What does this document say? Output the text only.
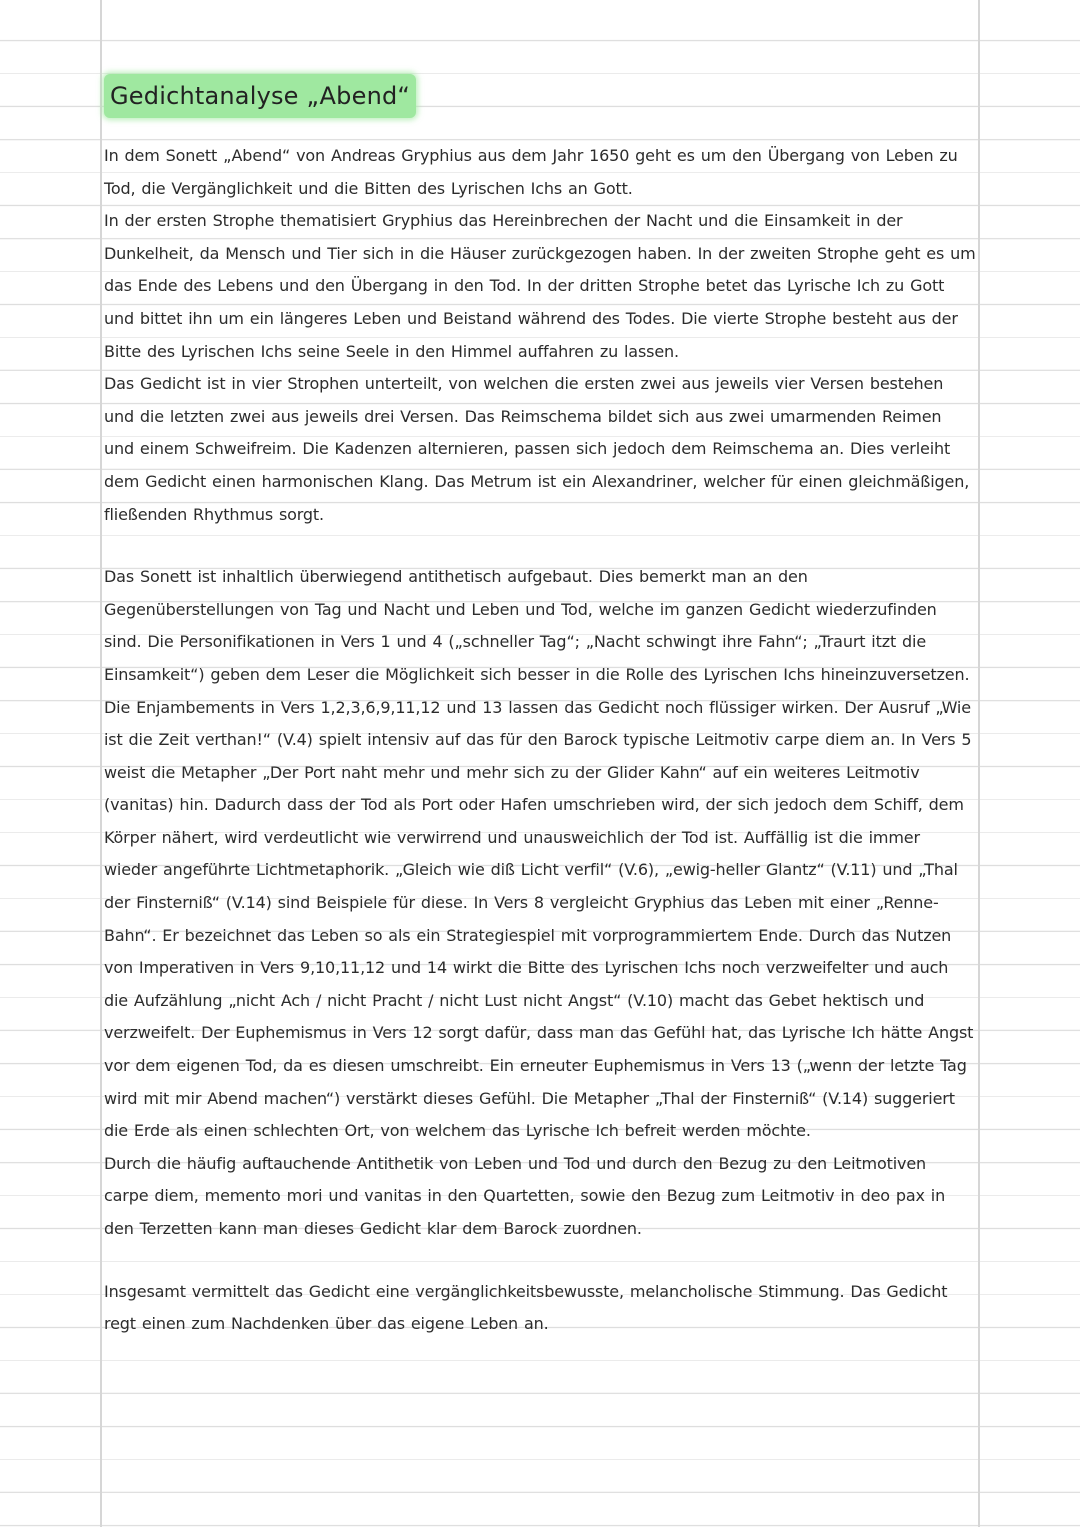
Gedichtanalyse „Abend“

In dem Sonett „Abend“ von Andreas Gryphius aus dem Jahr 1650 geht es um den Übergang von Leben zu Tod, die Vergänglichkeit und die Bitten des Lyrischen Ichs an Gott.

In der ersten Strophe thematisiert Gryphius das Hereinbrechen der Nacht und die Einsamkeit in der Dunkelheit, da Mensch und Tier sich in die Häuser zurückgezogen haben. In der zweiten Strophe geht es um das Ende des Lebens und den Übergang in den Tod. In der dritten Strophe betet das Lyrische Ich zu Gott und bittet ihn um ein längeres Leben und Beistand während des Todes. Die vierte Strophe besteht aus der Bitte des Lyrischen Ichs seine Seele in den Himmel auffahren zu lassen.

Das Gedicht ist in vier Strophen unterteilt, von welchen die ersten zwei aus jeweils vier Versen bestehen und die letzten zwei aus jeweils drei Versen. Das Reimschema bildet sich aus zwei umarmenden Reimen und einem Schweifreim. Die Kadenzen alternieren, passen sich jedoch dem Reimschema an. Dies verleiht dem Gedicht einen harmonischen Klang. Das Metrum ist ein Alexandriner, welcher für einen gleichmäßigen, fließenden Rhythmus sorgt.

Das Sonett ist inhaltlich überwiegend antithetisch aufgebaut. Dies bemerkt man an den Gegenüberstellungen von Tag und Nacht und Leben und Tod, welche im ganzen Gedicht wiederzufinden sind. Die Personifikationen in Vers 1 und 4 („schneller Tag“; „Nacht schwingt ihre Fahn“; „Traurt itzt die Einsamkeit“) geben dem Leser die Möglichkeit sich besser in die Rolle des Lyrischen Ichs hineinzuversetzen. Die Enjambements in Vers 1,2,3,6,9,11,12 und 13 lassen das Gedicht noch flüssiger wirken. Der Ausruf „Wie ist die Zeit verthan!“ (V.4) spielt intensiv auf das für den Barock typische Leitmotiv carpe diem an. In Vers 5 weist die Metapher „Der Port naht mehr und mehr sich zu der Glider Kahn“ auf ein weiteres Leitmotiv (vanitas) hin. Dadurch dass der Tod als Port oder Hafen umschrieben wird, der sich jedoch dem Schiff, dem Körper nähert, wird verdeutlicht wie verwirrend und unausweichlich der Tod ist. Auffällig ist die immer wieder angeführte Lichtmetaphorik. „Gleich wie diß Licht verfil“ (V.6), „ewig-heller Glantz“ (V.11) und „Thal der Finsterniß“ (V.14) sind Beispiele für diese. In Vers 8 vergleicht Gryphius das Leben mit einer „Renne-Bahn“. Er bezeichnet das Leben so als ein Strategiespiel mit vorprogrammiertem Ende. Durch das Nutzen von Imperativen in Vers 9,10,11,12 und 14 wirkt die Bitte des Lyrischen Ichs noch verzweifelter und auch die Aufzählung „nicht Ach / nicht Pracht / nicht Lust nicht Angst“ (V.10) macht das Gebet hektisch und verzweifelt. Der Euphemismus in Vers 12 sorgt dafür, dass man das Gefühl hat, das Lyrische Ich hätte Angst vor dem eigenen Tod, da es diesen umschreibt. Ein erneuter Euphemismus in Vers 13 („wenn der letzte Tag wird mit mir Abend machen“) verstärkt dieses Gefühl. Die Metapher „Thal der Finsterniß“ (V.14) suggeriert die Erde als einen schlechten Ort, von welchem das Lyrische Ich befreit werden möchte.

Durch die häufig auftauchende Antithetik von Leben und Tod und durch den Bezug zu den Leitmotiven carpe diem, memento mori und vanitas in den Quartetten, sowie den Bezug zum Leitmotiv in deo pax in den Terzetten kann man dieses Gedicht klar dem Barock zuordnen.

Insgesamt vermittelt das Gedicht eine vergänglichkeitsbewusste, melancholische Stimmung. Das Gedicht regt einen zum Nachdenken über das eigene Leben an.
